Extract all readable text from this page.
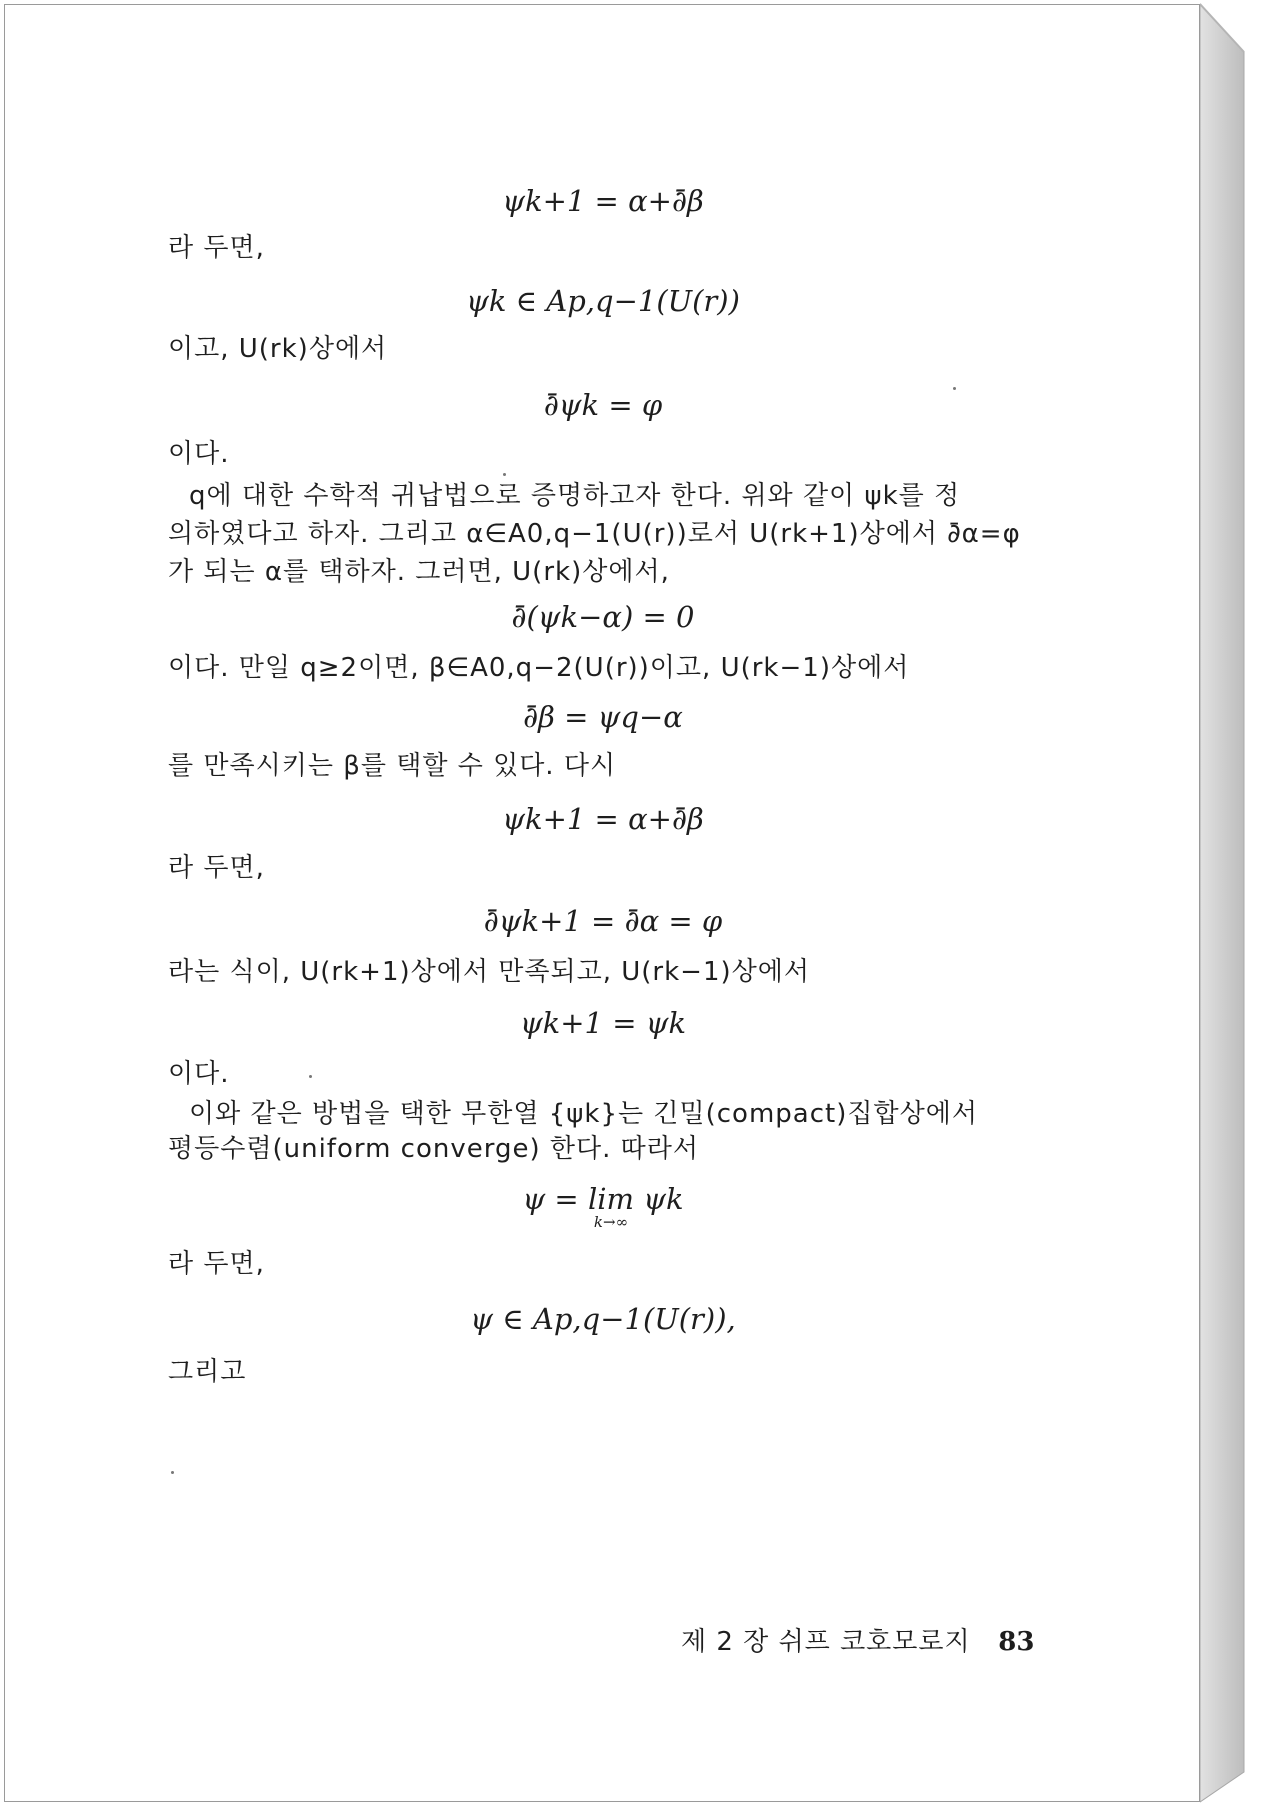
ψk+1 = α+∂̄β
라 두면,
ψk ∈ Ap,q−1(U(r))
이고, U(rk)상에서
∂̄ψk = φ
이다.
q에 대한 수학적 귀납법으로 증명하고자 한다. 위와 같이 ψk를 정
의하였다고 하자. 그리고 α∈A0,q−1(U(r))로서 U(rk+1)상에서 ∂̄α=φ
가 되는 α를 택하자. 그러면, U(rk)상에서,
∂̄(ψk−α) = 0
이다. 만일 q≥2이면, β∈A0,q−2(U(r))이고, U(rk−1)상에서
∂̄β = ψq−α
를 만족시키는 β를 택할 수 있다. 다시
ψk+1 = α+∂̄β
라 두면,
∂̄ψk+1 = ∂̄α = φ
라는 식이, U(rk+1)상에서 만족되고, U(rk−1)상에서
ψk+1 = ψk
이다.
이와 같은 방법을 택한 무한열 {ψk}는 긴밀(compact)집합상에서
평등수렴(uniform converge) 한다. 따라서
ψ = lim ψk
k→∞
라 두면,
ψ ∈ Ap,q−1(U(r)),
그리고
제 2 장 쉬프 코호모로지 83
